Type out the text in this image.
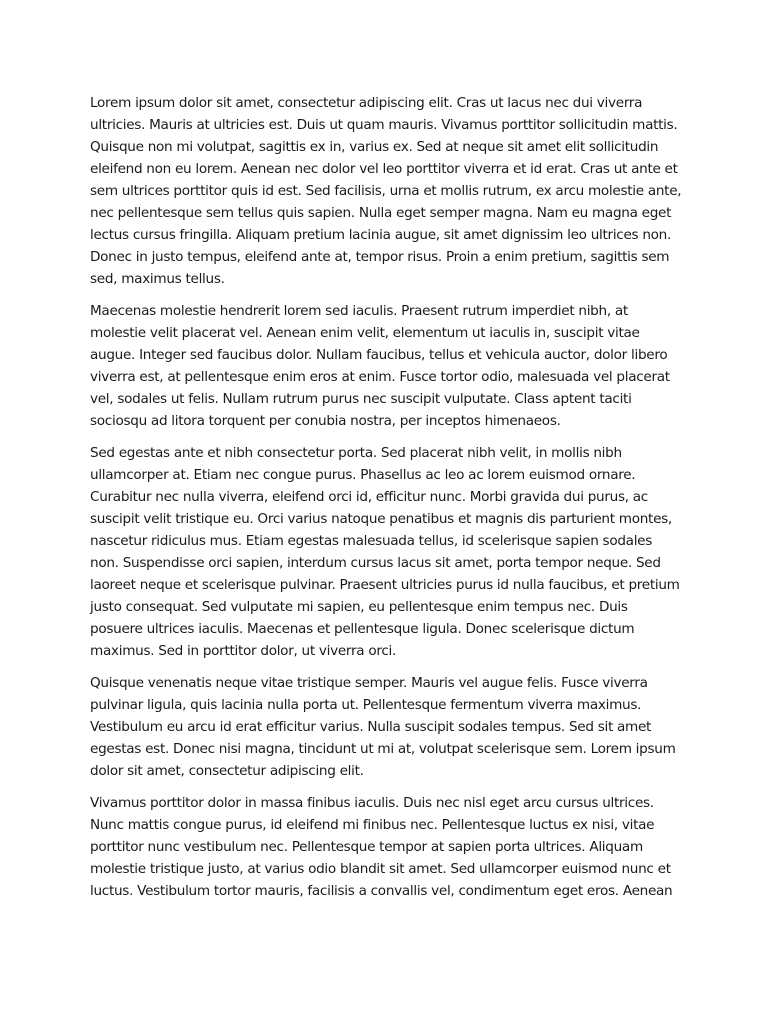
Lorem ipsum dolor sit amet, consectetur adipiscing elit. Cras ut lacus nec dui viverra ultricies. Mauris at ultricies est. Duis ut quam mauris. Vivamus porttitor sollicitudin mattis. Quisque non mi volutpat, sagittis ex in, varius ex. Sed at neque sit amet elit sollicitudin eleifend non eu lorem. Aenean nec dolor vel leo porttitor viverra et id erat. Cras ut ante et sem ultrices porttitor quis id est. Sed facilisis, urna et mollis rutrum, ex arcu molestie ante, nec pellentesque sem tellus quis sapien. Nulla eget semper magna. Nam eu magna eget lectus cursus fringilla. Aliquam pretium lacinia augue, sit amet dignissim leo ultrices non. Donec in justo tempus, eleifend ante at, tempor risus. Proin a enim pretium, sagittis sem sed, maximus tellus.

Maecenas molestie hendrerit lorem sed iaculis. Praesent rutrum imperdiet nibh, at molestie velit placerat vel. Aenean enim velit, elementum ut iaculis in, suscipit vitae augue. Integer sed faucibus dolor. Nullam faucibus, tellus et vehicula auctor, dolor libero viverra est, at pellentesque enim eros at enim. Fusce tortor odio, malesuada vel placerat vel, sodales ut felis. Nullam rutrum purus nec suscipit vulputate. Class aptent taciti sociosqu ad litora torquent per conubia nostra, per inceptos himenaeos.

Sed egestas ante et nibh consectetur porta. Sed placerat nibh velit, in mollis nibh ullamcorper at. Etiam nec congue purus. Phasellus ac leo ac lorem euismod ornare. Curabitur nec nulla viverra, eleifend orci id, efficitur nunc. Morbi gravida dui purus, ac suscipit velit tristique eu. Orci varius natoque penatibus et magnis dis parturient montes, nascetur ridiculus mus. Etiam egestas malesuada tellus, id scelerisque sapien sodales non. Suspendisse orci sapien, interdum cursus lacus sit amet, porta tempor neque. Sed laoreet neque et scelerisque pulvinar. Praesent ultricies purus id nulla faucibus, et pretium justo consequat. Sed vulputate mi sapien, eu pellentesque enim tempus nec. Duis posuere ultrices iaculis. Maecenas et pellentesque ligula. Donec scelerisque dictum maximus. Sed in porttitor dolor, ut viverra orci.

Quisque venenatis neque vitae tristique semper. Mauris vel augue felis. Fusce viverra pulvinar ligula, quis lacinia nulla porta ut. Pellentesque fermentum viverra maximus. Vestibulum eu arcu id erat efficitur varius. Nulla suscipit sodales tempus. Sed sit amet egestas est. Donec nisi magna, tincidunt ut mi at, volutpat scelerisque sem. Lorem ipsum dolor sit amet, consectetur adipiscing elit.

Vivamus porttitor dolor in massa finibus iaculis. Duis nec nisl eget arcu cursus ultrices. Nunc mattis congue purus, id eleifend mi finibus nec. Pellentesque luctus ex nisi, vitae porttitor nunc vestibulum nec. Pellentesque tempor at sapien porta ultrices. Aliquam molestie tristique justo, at varius odio blandit sit amet. Sed ullamcorper euismod nunc et luctus. Vestibulum tortor mauris, facilisis a convallis vel, condimentum eget eros. Aenean
